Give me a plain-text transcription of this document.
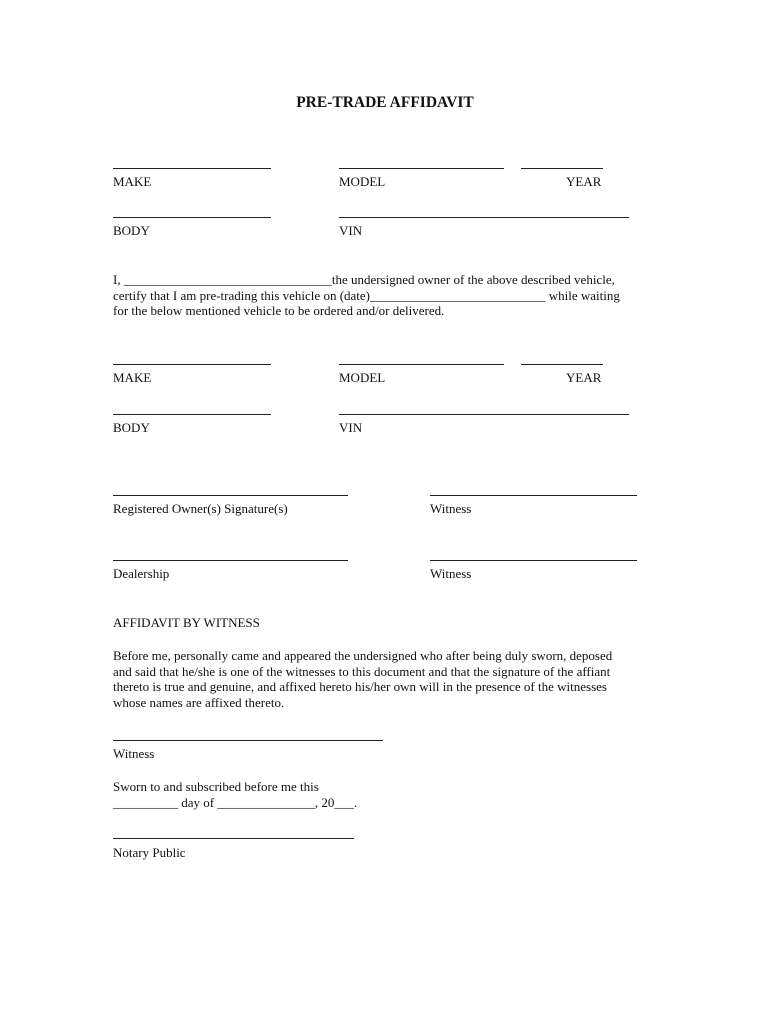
PRE-TRADE AFFIDAVIT
MAKE	MODEL	YEAR
BODY	VIN
I, ________________________________the undersigned owner of the above described vehicle,
certify that I am pre-trading this vehicle on (date)___________________________ while waiting
for the below mentioned vehicle to be ordered and/or delivered.
MAKE	MODEL	YEAR
BODY	VIN
Registered Owner(s) Signature(s)	Witness
Dealership	Witness
AFFIDAVIT BY WITNESS
Before me, personally came and appeared the undersigned who after being duly sworn, deposed
and said that he/she is one of the witnesses to this document and that the signature of the affiant
thereto is true and genuine, and affixed hereto his/her own will in the presence of the witnesses
whose names are affixed thereto.
Witness
Sworn to and subscribed before me this
__________ day of _______________, 20___.
Notary Public
